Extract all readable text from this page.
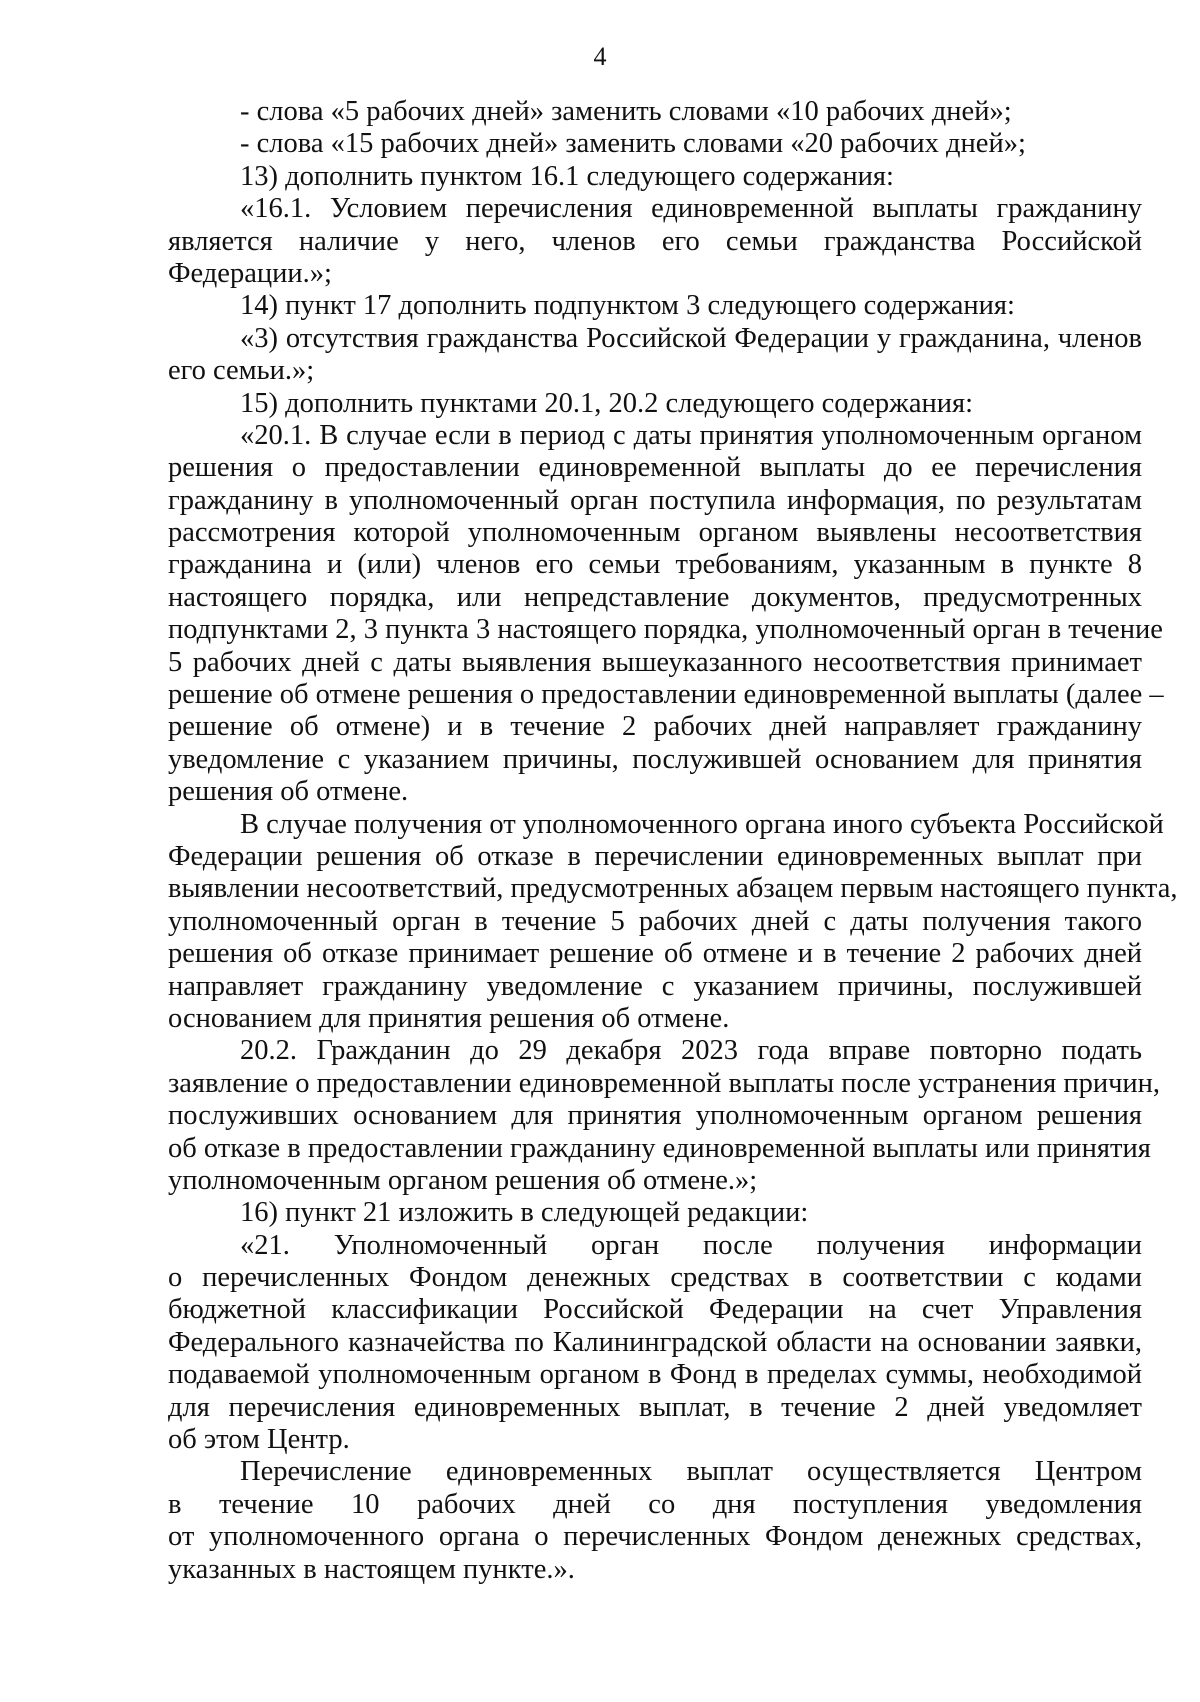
4
- слова «5 рабочих дней» заменить словами «10 рабочих дней»;
- слова «15 рабочих дней» заменить словами «20 рабочих дней»;
13) дополнить пунктом 16.1 следующего содержания:
«16.1. Условием перечисления единовременной выплаты гражданину
является наличие у него, членов его семьи гражданства Российской
Федерации.»;
14) пункт 17 дополнить подпунктом 3 следующего содержания:
«3) отсутствия гражданства Российской Федерации у гражданина, членов
его семьи.»;
15) дополнить пунктами 20.1, 20.2 следующего содержания:
«20.1. В случае если в период с даты принятия уполномоченным органом
решения о предоставлении единовременной выплаты до ее перечисления
гражданину в уполномоченный орган поступила информация, по результатам
рассмотрения которой уполномоченным органом выявлены несоответствия
гражданина и (или) членов его семьи требованиям, указанным в пункте 8
настоящего порядка, или непредставление документов, предусмотренных
подпунктами 2, 3 пункта 3 настоящего порядка, уполномоченный орган в течение
5 рабочих дней с даты выявления вышеуказанного несоответствия принимает
решение об отмене решения о предоставлении единовременной выплаты (далее –
решение об отмене) и в течение 2 рабочих дней направляет гражданину
уведомление с указанием причины, послужившей основанием для принятия
решения об отмене.
В случае получения от уполномоченного органа иного субъекта Российской
Федерации решения об отказе в перечислении единовременных выплат при
выявлении несоответствий, предусмотренных абзацем первым настоящего пункта,
уполномоченный орган в течение 5 рабочих дней с даты получения такого
решения об отказе принимает решение об отмене и в течение 2 рабочих дней
направляет гражданину уведомление с указанием причины, послужившей
основанием для принятия решения об отмене.
20.2. Гражданин до 29 декабря 2023 года вправе повторно подать
заявление о предоставлении единовременной выплаты после устранения причин,
послуживших основанием для принятия уполномоченным органом решения
об отказе в предоставлении гражданину единовременной выплаты или принятия
уполномоченным органом решения об отмене.»;
16) пункт 21 изложить в следующей редакции:
«21. Уполномоченный орган после получения информации
о перечисленных Фондом денежных средствах в соответствии с кодами
бюджетной классификации Российской Федерации на счет Управления
Федерального казначейства по Калининградской области на основании заявки,
подаваемой уполномоченным органом в Фонд в пределах суммы, необходимой
для перечисления единовременных выплат, в течение 2 дней уведомляет
об этом Центр.
Перечисление единовременных выплат осуществляется Центром
в течение 10 рабочих дней со дня поступления уведомления
от уполномоченного органа о перечисленных Фондом денежных средствах,
указанных в настоящем пункте.».
